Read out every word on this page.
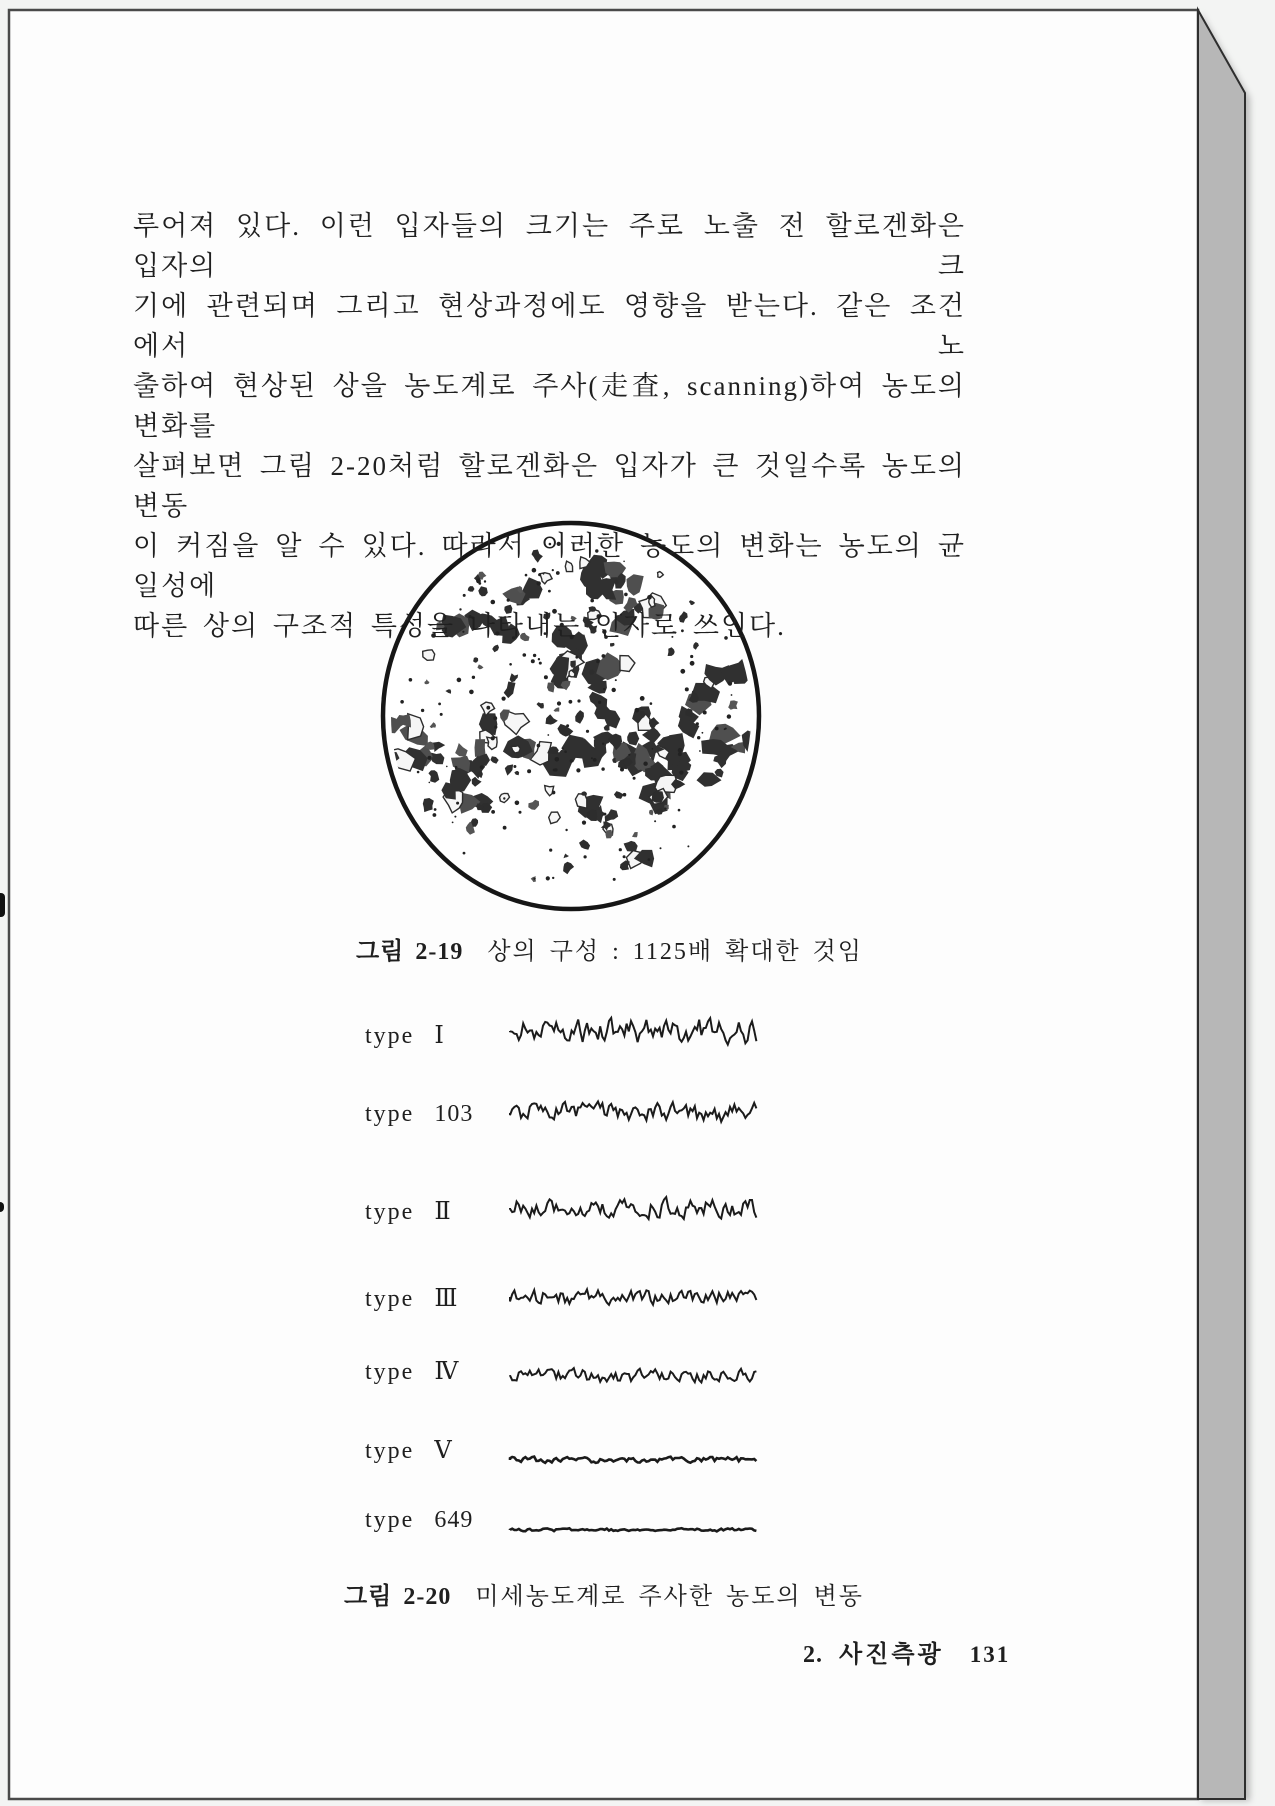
루어져 있다. 이런 입자들의 크기는 주로 노출 전 할로겐화은 입자의 크
기에 관련되며 그리고 현상과정에도 영향을 받는다. 같은 조건에서 노
출하여 현상된 상을 농도계로 주사(走査, scanning)하여 농도의 변화를
살펴보면 그림 2-20처럼 할로겐화은 입자가 큰 것일수록 농도의 변동
이 커짐을 알 수 있다. 따라서 이러한 농도의 변화는 농도의 균일성에
따른 상의 구조적 특성을 나타내는 인자로 쓰인다.
그림 2-19 상의 구성 : 1125배 확대한 것임
type Ⅰ
type 103
type Ⅱ
type Ⅲ
type Ⅳ
type Ⅴ
type 649
그림 2-20 미세농도계로 주사한 농도의 변동
2. 사진측광 131
